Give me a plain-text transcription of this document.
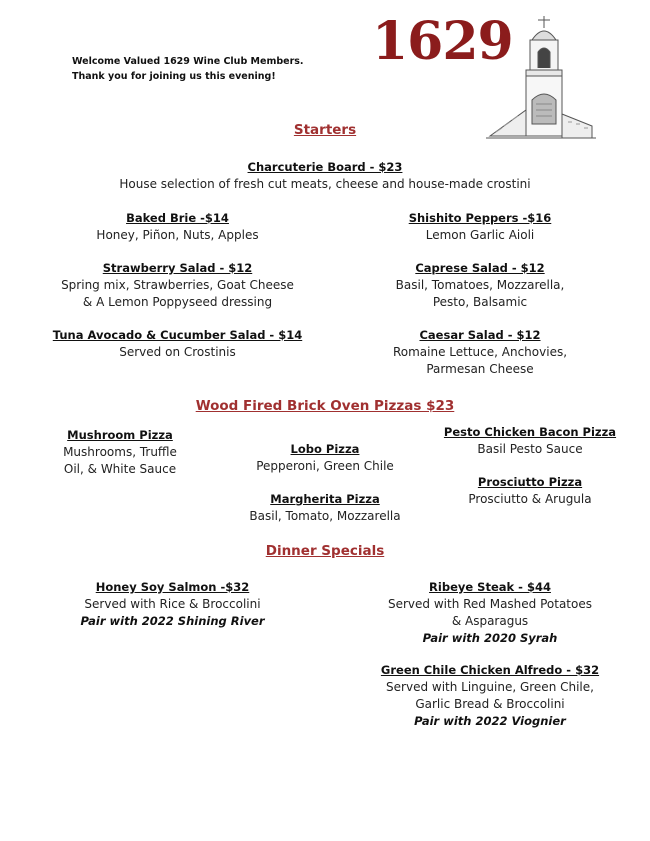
Welcome Valued 1629 Wine Club Members.
Thank you for joining us this evening!
1629
Starters
Charcuterie Board - $23
House selection of fresh cut meats, cheese and house-made crostini
Baked Brie -$14
Honey, Piñon, Nuts, Apples
Shishito Peppers -$16
Lemon Garlic Aioli
Strawberry Salad - $12
Spring mix, Strawberries, Goat Cheese
& A Lemon Poppyseed dressing
Caprese Salad - $12
Basil, Tomatoes, Mozzarella,
Pesto, Balsamic
Tuna Avocado & Cucumber Salad - $14
Served on Crostinis
Caesar Salad - $12
Romaine Lettuce, Anchovies,
Parmesan Cheese
Wood Fired Brick Oven Pizzas $23
Mushroom Pizza
Mushrooms, Truffle
Oil, & White Sauce
Lobo Pizza
Pepperoni, Green Chile
Margherita Pizza
Basil, Tomato, Mozzarella
Pesto Chicken Bacon Pizza
Basil Pesto Sauce
Prosciutto Pizza
Prosciutto & Arugula
Dinner Specials
Honey Soy Salmon -$32
Served with Rice & Broccolini
Pair with 2022 Shining River
Ribeye Steak - $44
Served with Red Mashed Potatoes
& Asparagus
Pair with 2020 Syrah
Green Chile Chicken Alfredo - $32
Served with Linguine, Green Chile,
Garlic Bread & Broccolini
Pair with 2022 Viognier
